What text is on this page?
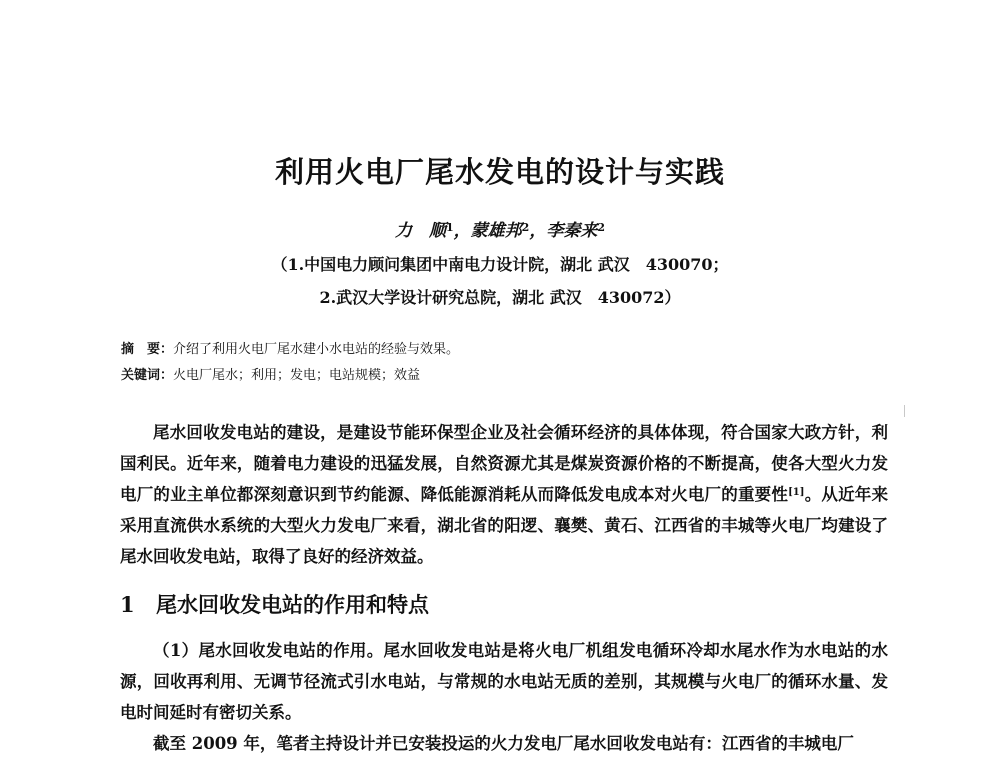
利用火电厂尾水发电的设计与实践
力　顺$^1$，蒙雄邦$^2$，李秦来$^2$
（1.中国电力顾问集团中南电力设计院，湖北 武汉　430070；
2.武汉大学设计研究总院，湖北 武汉　430072）
摘　要：介绍了利用火电厂尾水建小水电站的经验与效果。
关键词：火电厂尾水；利用；发电；电站规模；效益

尾水回收发电站的建设，是建设节能环保型企业及社会循环经济的具体体现，符合国家大政方针，利国利民。近年来，随着电力建设的迅猛发展，自然资源尤其是煤炭资源价格的不断提高，使各大型火力发电厂的业主单位都深刻意识到节约能源、降低能源消耗从而降低发电成本对火电厂的重要性[1]。从近年来采用直流供水系统的大型火力发电厂来看，湖北省的阳逻、襄樊、黄石、江西省的丰城等火电厂均建设了尾水回收发电站，取得了良好的经济效益。

1 尾水回收发电站的作用和特点

（1）尾水回收发电站的作用。尾水回收发电站是将火电厂机组发电循环冷却水尾水作为水电站的水源，回收再利用、无调节径流式引水电站，与常规的水电站无质的差别，其规模与火电厂的循环水量、发电时间延时有密切关系。

截至 2009 年，笔者主持设计并已安装投运的火力发电厂尾水回收发电站有：江西省的丰城电厂
